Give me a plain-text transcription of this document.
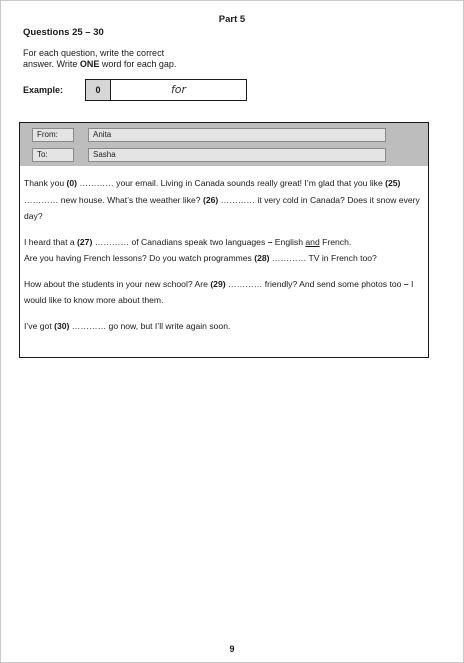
Part 5
Questions 25 – 30
For each question, write the correct
answer. Write ONE word for each gap.
Example:	0	for
From:	Anita
To:	Sasha

Thank you (0) ………… your email. Living in Canada sounds really great! I’m glad that you like (25) ………… new house. What’s the weather like? (26) ………… it very cold in Canada? Does it snow every day?

I heard that a (27) ………… of Canadians speak two languages – English and French.
Are you having French lessons? Do you watch programmes (28) ………… TV in French too?

How about the students in your new school? Are (29) ………… friendly? And send some photos too – I would like to know more about them.

I’ve got (30) ………… go now, but I’ll write again soon.

9
